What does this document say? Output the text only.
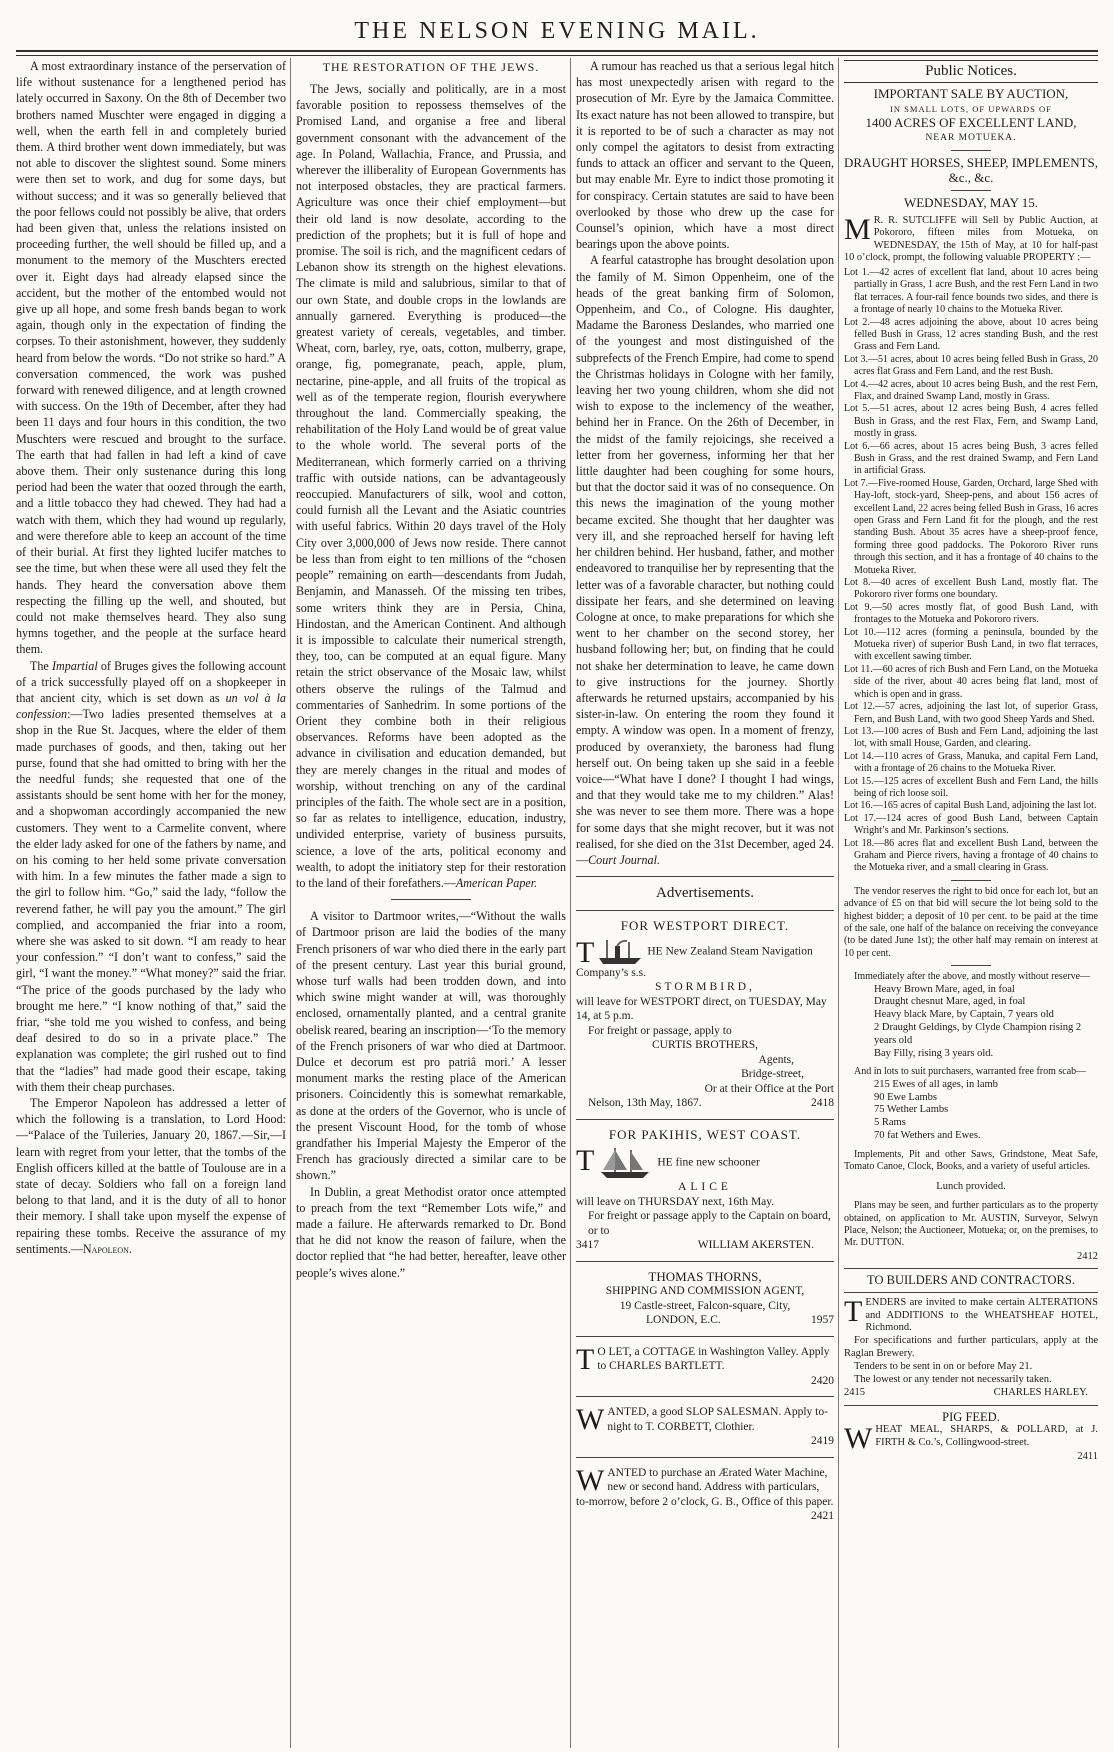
THE NELSON EVENING MAIL.

A most extraordinary instance of the perservation of life without sustenance for a lengthened period has lately occurred in Saxony. On the 8th of December two brothers named Muschter were engaged in digging a well, when the earth fell in and completely buried them. A third brother went down immediately, but was not able to discover the slightest sound. Some miners were then set to work, and dug for some days, but without success; and it was so generally believed that the poor fellows could not possibly be alive, that orders had been given that, unless the relations insisted on proceeding further, the well should be filled up, and a monument to the memory of the Muschters erected over it. Eight days had already elapsed since the accident, but the mother of the entombed would not give up all hope, and some fresh bands began to work again, though only in the expectation of finding the corpses. To their astonishment, however, they suddenly heard from below the words. “Do not strike so hard.” A conversation commenced, the work was pushed forward with renewed diligence, and at length crowned with success. On the 19th of December, after they had been 11 days and four hours in this condition, the two Muschters were rescued and brought to the surface. The earth that had fallen in had left a kind of cave above them. Their only sustenance during this long period had been the water that oozed through the earth, and a little tobacco they had chewed. They had had a watch with them, which they had wound up regularly, and were therefore able to keep an account of the time of their burial. At first they lighted lucifer matches to see the time, but when these were all used they felt the hands. They heard the conversation above them respecting the filling up the well, and shouted, but could not make themselves heard. They also sung hymns together, and the people at the surface heard them.

The Impartial of Bruges gives the following account of a trick successfully played off on a shopkeeper in that ancient city, which is set down as un vol à la confession:—Two ladies presented themselves at a shop in the Rue St. Jacques, where the elder of them made purchases of goods, and then, taking out her purse, found that she had omitted to bring with her the the needful funds; she requested that one of the assistants should be sent home with her for the money, and a shopwoman accordingly accompanied the new customers. They went to a Carmelite convent, where the elder lady asked for one of the fathers by name, and on his coming to her held some private conversation with him. In a few minutes the father made a sign to the girl to follow him. “Go,” said the lady, “follow the reverend father, he will pay you the amount.” The girl complied, and accompanied the friar into a room, where she was asked to sit down. “I am ready to hear your confession.” “I don’t want to confess,” said the girl, “I want the money.” “What money?” said the friar. “The price of the goods purchased by the lady who brought me here.” “I know nothing of that,” said the friar, “she told me you wished to confess, and being deaf desired to do so in a private place.” The explanation was complete; the girl rushed out to find that the “ladies” had made good their escape, taking with them their cheap purchases.

The Emperor Napoleon has addressed a letter of which the following is a translation, to Lord Hood:—“Palace of the Tuileries, January 20, 1867.—Sir,—I learn with regret from your letter, that the tombs of the English officers killed at the battle of Toulouse are in a state of decay. Soldiers who fall on a foreign land belong to that land, and it is the duty of all to honor their memory. I shall take upon myself the expense of repairing these tombs. Receive the assurance of my sentiments.—Napoleon.

THE RESTORATION OF THE JEWS.

The Jews, socially and politically, are in a most favorable position to repossess themselves of the Promised Land, and organise a free and liberal government consonant with the advancement of the age. In Poland, Wallachia, France, and Prussia, and wherever the illiberality of European Governments has not interposed obstacles, they are practical farmers. Agriculture was once their chief employment—but their old land is now desolate, according to the prediction of the prophets; but it is full of hope and promise. The soil is rich, and the magnificent cedars of Lebanon show its strength on the highest elevations. The climate is mild and salubrious, similar to that of our own State, and double crops in the lowlands are annually garnered. Everything is produced—the greatest variety of cereals, vegetables, and timber. Wheat, corn, barley, rye, oats, cotton, mulberry, grape, orange, fig, pomegranate, peach, apple, plum, nectarine, pine-apple, and all fruits of the tropical as well as of the temperate region, flourish everywhere throughout the land. Commercially speaking, the rehabilitation of the Holy Land would be of great value to the whole world. The several ports of the Mediterranean, which formerly carried on a thriving traffic with outside nations, can be advantageously reoccupied. Manufacturers of silk, wool and cotton, could furnish all the Levant and the Asiatic countries with useful fabrics. Within 20 days travel of the Holy City over 3,000,000 of Jews now reside. There cannot be less than from eight to ten millions of the “chosen people” remaining on earth—descendants from Judah, Benjamin, and Manasseh. Of the missing ten tribes, some writers think they are in Persia, China, Hindostan, and the American Continent. And although it is impossible to calculate their numerical strength, they, too, can be computed at an equal figure. Many retain the strict observance of the Mosaic law, whilst others observe the rulings of the Talmud and commentaries of Sanhedrim. In some portions of the Orient they combine both in their religious observances. Reforms have been adopted as the advance in civilisation and education demanded, but they are merely changes in the ritual and modes of worship, without trenching on any of the cardinal principles of the faith. The whole sect are in a position, so far as relates to intelligence, education, industry, undivided enterprise, variety of business pursuits, science, a love of the arts, political economy and wealth, to adopt the initiatory step for their restoration to the land of their forefathers.—American Paper.

A visitor to Dartmoor writes,—“Without the walls of Dartmoor prison are laid the bodies of the many French prisoners of war who died there in the early part of the present century. Last year this burial ground, whose turf walls had been trodden down, and into which swine might wander at will, was thoroughly enclosed, ornamentally planted, and a central granite obelisk reared, bearing an inscription—‘To the memory of the French prisoners of war who died at Dartmoor. Dulce et decorum est pro patriâ mori.’ A lesser monument marks the resting place of the American prisoners. Coincidently this is somewhat remarkable, as done at the orders of the Governor, who is uncle of the present Viscount Hood, for the tomb of whose grandfather his Imperial Majesty the Emperor of the French has graciously directed a similar care to be shown.”

In Dublin, a great Methodist orator once attempted to preach from the text “Remember Lots wife,” and made a failure. He afterwards remarked to Dr. Bond that he did not know the reason of failure, when the doctor replied that “he had better, hereafter, leave other people’s wives alone.”

A rumour has reached us that a serious legal hitch has most unexpectedly arisen with regard to the prosecution of Mr. Eyre by the Jamaica Committee. Its exact nature has not been allowed to transpire, but it is reported to be of such a character as may not only compel the agitators to desist from extracting funds to attack an officer and servant to the Queen, but may enable Mr. Eyre to indict those promoting it for conspiracy. Certain statutes are said to have been overlooked by those who drew up the case for Counsel’s opinion, which have a most direct bearings upon the above points.

A fearful catastrophe has brought desolation upon the family of M. Simon Oppenheim, one of the heads of the great banking firm of Solomon, Oppenheim, and Co., of Cologne. His daughter, Madame the Baroness Deslandes, who married one of the youngest and most distinguished of the subprefects of the French Empire, had come to spend the Christmas holidays in Cologne with her family, leaving her two young children, whom she did not wish to expose to the inclemency of the weather, behind her in France. On the 26th of December, in the midst of the family rejoicings, she received a letter from her governess, informing her that her little daughter had been coughing for some hours, but that the doctor said it was of no consequence. On this news the imagination of the young mother became excited. She thought that her daughter was very ill, and she reproached herself for having left her children behind. Her husband, father, and mother endeavored to tranquilise her by representing that the letter was of a favorable character, but nothing could dissipate her fears, and she determined on leaving Cologne at once, to make preparations for which she went to her chamber on the second storey, her husband following her; but, on finding that he could not shake her determination to leave, he came down to give instructions for the journey. Shortly afterwards he returned upstairs, accompanied by his sister-in-law. On entering the room they found it empty. A window was open. In a moment of frenzy, produced by overanxiety, the baroness had flung herself out. On being taken up she said in a feeble voice—“What have I done? I thought I had wings, and that they would take me to my children.” Alas! she was never to see them more. There was a hope for some days that she might recover, but it was not realised, for she died on the 31st December, aged 24.—Court Journal.

Advertisements.
FOR WESTPORT DIRECT.
T	HE New Zealand Steam Navigation Company’s s.s.
STORMBIRD,
will leave for WESTPORT direct, on TUESDAY, May 14, at 5 p.m.
For freight or passage, apply to
CURTIS BROTHERS,
Agents,
Bridge-street,
Or at their Office at the Port
Nelson, 13th May, 1867.	2418
FOR PAKIHIS, WEST COAST.
T	HE fine new schooner
ALICE
will leave on THURSDAY next, 16th May.
For freight or passage apply to the Captain on board, or to
3417	WILLIAM AKERSTEN.
THOMAS THORNS,
SHIPPING AND COMMISSION AGENT,
19 Castle-street, Falcon-square, City,
LONDON, E.C.	1957
T O LET, a COTTAGE in Washington Valley. Apply to CHARLES BARTLETT.
2420
WANTED, a good SLOP SALESMAN. Apply to-night to T. CORBETT, Clothier.
2419
WANTED to purchase an Ærated Water Machine, new or second hand. Address with particulars, to-morrow, before 2 o’clock, G. B., Office of this paper.
2421
Public Notices.
IMPORTANT SALE BY AUCTION,
IN SMALL LOTS, OF UPWARDS OF
1400 ACRES OF EXCELLENT LAND,
NEAR MOTUEKA.
DRAUGHT HORSES, SHEEP, IMPLEMENTS, &c., &c.
WEDNESDAY, MAY 15.
M R. R. SUTCLIFFE will Sell by Public Auction, at Pokororo, fifteen miles from Motueka, on WEDNESDAY, the 15th of May, at 10 for half-past 10 o’clock, prompt, the following valuable PROPERTY :—
Lot 1.—42 acres of excellent flat land, about 10 acres being partially in Grass, 1 acre Bush, and the rest Fern Land in two flat terraces. A four-rail fence bounds two sides, and there is a frontage of nearly 10 chains to the Motueka River.
Lot 2.—48 acres adjoining the above, about 10 acres being felled Bush in Grass, 12 acres standing Bush, and the rest Grass and Fern Land.
Lot 3.—51 acres, about 10 acres being felled Bush in Grass, 20 acres flat Grass and Fern Land, and the rest Bush.
Lot 4.—42 acres, about 10 acres being Bush, and the rest Fern, Flax, and drained Swamp Land, mostly in Grass.
Lot 5.—51 acres, about 12 acres being Bush, 4 acres felled Bush in Grass, and the rest Flax, Fern, and Swamp Land, mostly in grass.
Lot 6.—66 acres, about 15 acres being Bush, 3 acres felled Bush in Grass, and the rest drained Swamp, and Fern Land in artificial Grass.
Lot 7.—Five-roomed House, Garden, Orchard, large Shed with Hay-loft, stock-yard, Sheep-pens, and about 156 acres of excellent Land, 22 acres being felled Bush in Grass, 16 acres open Grass and Fern Land fit for the plough, and the rest standing Bush. About 35 acres have a sheep-proof fence, forming three good paddocks. The Pokororo River runs through this section, and it has a frontage of 40 chains to the Motueka River.
Lot 8.—40 acres of excellent Bush Land, mostly flat. The Pokororo river forms one boundary.
Lot 9.—50 acres mostly flat, of good Bush Land, with frontages to the Motueka and Pokororo rivers.
Lot 10.—112 acres (forming a peninsula, bounded by the Motueka river) of superior Bush Land, in two flat terraces, with excellent sawing timber.
Lot 11.—60 acres of rich Bush and Fern Land, on the Motueka side of the river, about 40 acres being flat land, most of which is open and in grass.
Lot 12.—57 acres, adjoining the last lot, of superior Grass, Fern, and Bush Land, with two good Sheep Yards and Shed.
Lot 13.—100 acres of Bush and Fern Land, adjoining the last lot, with small House, Garden, and clearing.
Lot 14.—110 acres of Grass, Manuka, and capital Fern Land, with a frontage of 26 chains to the Motueka River.
Lot 15.—125 acres of excellent Bush and Fern Land, the hills being of rich loose soil.
Lot 16.—165 acres of capital Bush Land, adjoining the last lot.
Lot 17.—124 acres of good Bush Land, between Captain Wright’s and Mr. Parkinson’s sections.
Lot 18.—86 acres flat and excellent Bush Land, between the Graham and Pierce rivers, having a frontage of 40 chains to the Motueka river, and a small clearing in Grass.
The vendor reserves the right to bid once for each lot, but an advance of £5 on that bid will secure the lot being sold to the highest bidder; a deposit of 10 per cent. to be paid at the time of the sale, one half of the balance on receiving the conveyance (to be dated June 1st); the other half may remain on interest at 10 per cent.
Immediately after the above, and mostly without reserve—
Heavy Brown Mare, aged, in foal
Draught chesnut Mare, aged, in foal
Heavy black Mare, by Captain, 7 years old
2 Draught Geldings, by Clyde Champion rising 2 years old
Bay Filly, rising 3 years old.
And in lots to suit purchasers, warranted free from scab—
215 Ewes of all ages, in lamb
90 Ewe Lambs
75 Wether Lambs
5 Rams
70 fat Wethers and Ewes.
Implements, Pit and other Saws, Grindstone, Meat Safe, Tomato Canoe, Clock, Books, and a variety of useful articles.
Lunch provided.
Plans may be seen, and further particulars as to the property obtained, on application to Mr. AUSTIN, Surveyor, Selwyn Place, Nelson; the Auctioneer, Motueka; or, on the premises, to Mr. DUTTON.
2412
TO BUILDERS AND CONTRACTORS.
TENDERS are invited to make certain ALTERATIONS and ADDITIONS to the WHEATSHEAF HOTEL, Richmond.
For specifications and further particulars, apply at the Raglan Brewery.
Tenders to be sent in on or before May 21.
The lowest or any tender not necessarily taken.
2415	CHARLES HARLEY.
PIG FEED.
WHEAT MEAL, SHARPS, & POLLARD, at J. FIRTH & Co.’s, Collingwood-street.
2411
